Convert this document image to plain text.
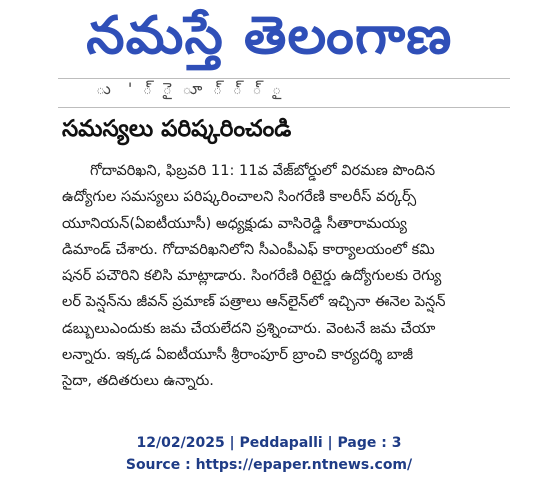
నమస్తే తెలంగాణ
ు ' ్ ై ూ ్ ్ ్ ౖ
సమస్యలు పరిష్కరించండి
గోదావరిఖని, ఫిబ్రవరి 11: 11వ వేజ్‌బోర్డులో విరమణ పొందిన
ఉద్యోగుల సమస్యలు పరిష్కరించాలని సింగరేణి కాలరీస్ వర్కర్స్
యూనియన్(ఏఐటీయూసీ) అధ్యక్షుడు వాసిరెడ్డి సీతారామయ్య
డిమాండ్ చేశారు. గోదావరిఖనిలోని సీఎంపీఎఫ్ కార్యాలయంలో కమి
షనర్ పచౌరిని కలిసి మాట్లాడారు. సింగరేణి రిటైర్డు ఉద్యోగులకు రెగ్యు
లర్ పెన్షన్‌ను జీవన్ ప్రమాణ్ పత్రాలు ఆన్‌లైన్‌లో ఇచ్చినా ఈనెల పెన్షన్
డబ్బులుఎందుకు జమ చేయలేదని ప్రశ్నించారు. వెంటనే జమ చేయా
లన్నారు. ఇక్కడ ఏఐటీయూసీ శ్రీరాంపూర్ బ్రాంచి కార్యదర్శి బాజీ
సైదా, తదితరులు ఉన్నారు.
12/02/2025 | Peddapalli | Page : 3
Source : https://epaper.ntnews.com/
